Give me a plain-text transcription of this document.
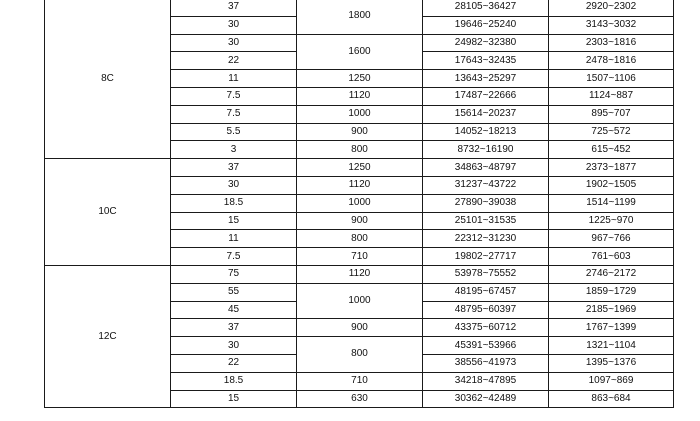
8C	37	1800	28105~36427	2920~2302
	30		19646~25240	3143~3032
	30	1600	24982~32380	2303~1816
	22		17643~32435	2478~1816
	11	1250	13643~25297	1507~1106
	7.5	1120	17487~22666	1124~887
	7.5	1000	15614~20237	895~707
	5.5	900	14052~18213	725~572
	3	800	8732~16190	615~452
10C	37	1250	34863~48797	2373~1877
	30	1120	31237~43722	1902~1505
	18.5	1000	27890~39038	1514~1199
	15	900	25101~31535	1225~970
	11	800	22312~31230	967~766
	7.5	710	19802~27717	761~603
12C	75	1120	53978~75552	2746~2172
	55	1000	48195~67457	1859~1729
	45		48795~60397	2185~1969
	37	900	43375~60712	1767~1399
	30	800	45391~53966	1321~1104
	22		38556~41973	1395~1376
	18.5	710	34218~47895	1097~869
	15	630	30362~42489	863~684
